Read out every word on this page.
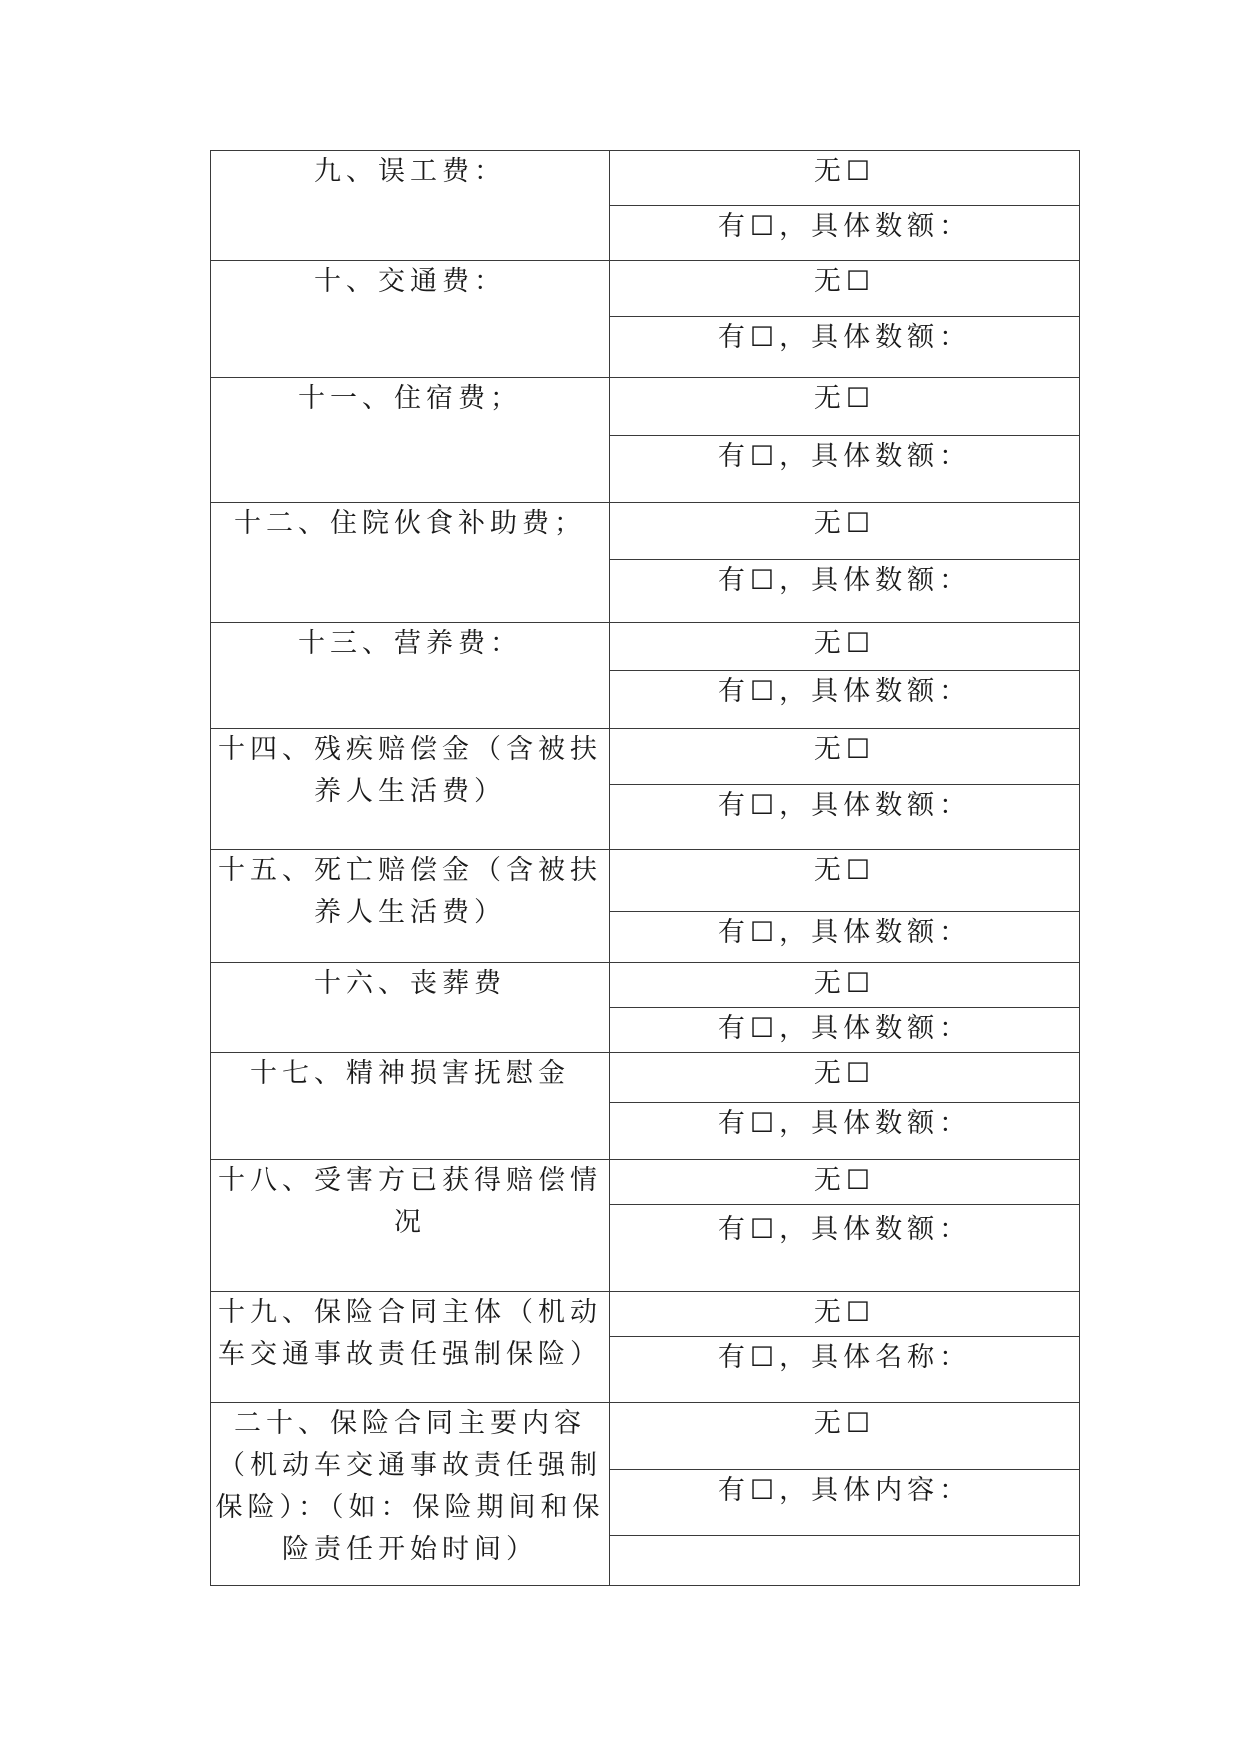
九、误工费：	无☐

	有☐，具体数额：

十、交通费：	无☐

	有☐，具体数额：

十一、住宿费；	无☐

	有☐，具体数额：

十二、住院伙食补助费；	无☐

	有☐，具体数额：

十三、营养费：	无☐

	有☐，具体数额：

十四、残疾赔偿金（含被扶养人生活费）	无☐

	有☐，具体数额：

十五、死亡赔偿金（含被扶养人生活费）	无☐

	有☐，具体数额：

十六、丧葬费	无☐

	有☐，具体数额：

十七、精神损害抚慰金	无☐

	有☐，具体数额：

十八、受害方已获得赔偿情况	无☐

	有☐，具体数额：

十九、保险合同主体（机动车交通事故责任强制保险）	无☐

	有☐，具体名称：

二十、保险合同主要内容（机动车交通事故责任强制保险）：（如：保险期间和保险责任开始时间）	无☐

	有☐，具体内容：
